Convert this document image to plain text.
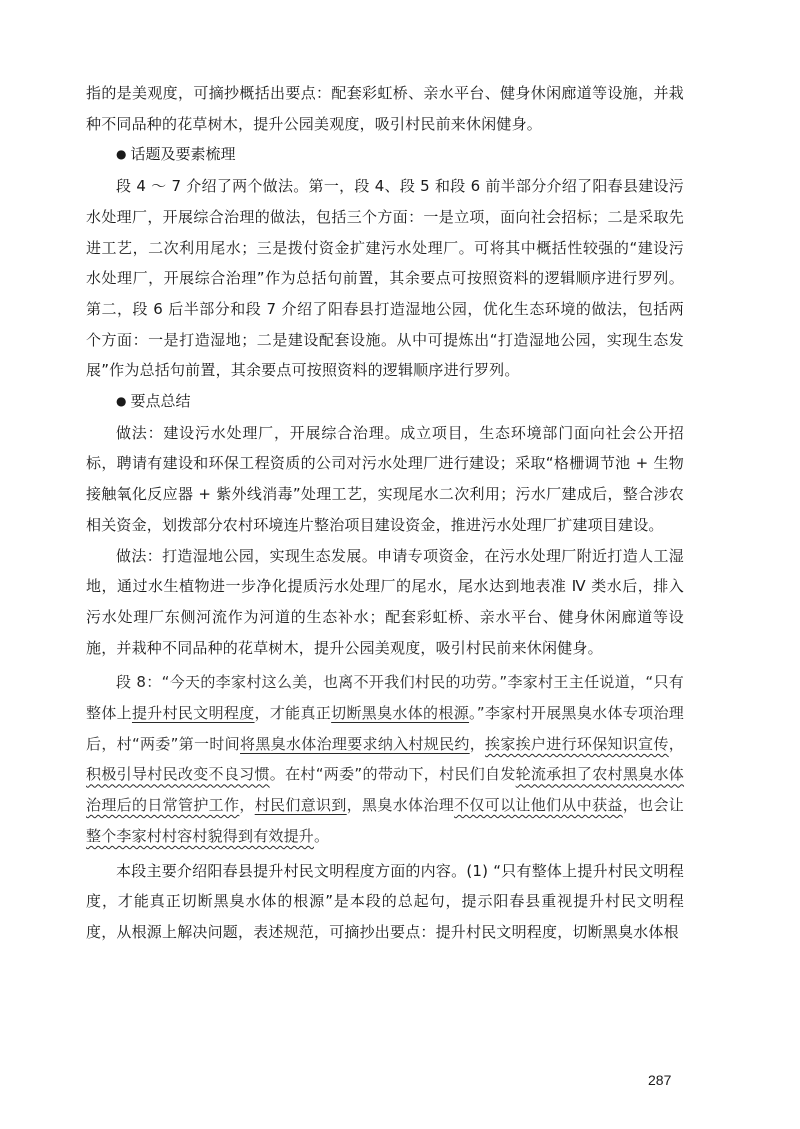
指的是美观度，可摘抄概括出要点：配套彩虹桥、亲水平台、健身休闲廊道等设施，并栽种不同品种的花草树木，提升公园美观度，吸引村民前来休闲健身。

● 话题及要素梳理

段 4 ～ 7 介绍了两个做法。第一，段 4、段 5 和段 6 前半部分介绍了阳春县建设污水处理厂，开展综合治理的做法，包括三个方面：一是立项，面向社会招标；二是采取先进工艺，二次利用尾水；三是拨付资金扩建污水处理厂。可将其中概括性较强的“建设污水处理厂，开展综合治理”作为总括句前置，其余要点可按照资料的逻辑顺序进行罗列。第二，段 6 后半部分和段 7 介绍了阳春县打造湿地公园，优化生态环境的做法，包括两个方面：一是打造湿地；二是建设配套设施。从中可提炼出“打造湿地公园，实现生态发展”作为总括句前置，其余要点可按照资料的逻辑顺序进行罗列。

● 要点总结

做法：建设污水处理厂，开展综合治理。成立项目，生态环境部门面向社会公开招标，聘请有建设和环保工程资质的公司对污水处理厂进行建设；采取“格栅调节池 + 生物接触氧化反应器 + 紫外线消毒”处理工艺，实现尾水二次利用；污水厂建成后，整合涉农相关资金，划拨部分农村环境连片整治项目建设资金，推进污水处理厂扩建项目建设。

做法：打造湿地公园，实现生态发展。申请专项资金，在污水处理厂附近打造人工湿地，通过水生植物进一步净化提质污水处理厂的尾水，尾水达到地表准 Ⅳ 类水后，排入污水处理厂东侧河流作为河道的生态补水；配套彩虹桥、亲水平台、健身休闲廊道等设施，并栽种不同品种的花草树木，提升公园美观度，吸引村民前来休闲健身。

段 8：“今天的李家村这么美，也离不开我们村民的功劳。”李家村王主任说道，“只有整体上提升村民文明程度，才能真正切断黑臭水体的根源。”李家村开展黑臭水体专项治理后，村“两委”第一时间将黑臭水体治理要求纳入村规民约，挨家挨户进行环保知识宣传，积极引导村民改变不良习惯。在村“两委”的带动下，村民们自发轮流承担了农村黑臭水体治理后的日常管护工作，村民们意识到，黑臭水体治理不仅可以让他们从中获益，也会让整个李家村村容村貌得到有效提升。

本段主要介绍阳春县提升村民文明程度方面的内容。(1) “只有整体上提升村民文明程度，才能真正切断黑臭水体的根源”是本段的总起句，提示阳春县重视提升村民文明程度，从根源上解决问题，表述规范，可摘抄出要点：提升村民文明程度，切断黑臭水体根

287
